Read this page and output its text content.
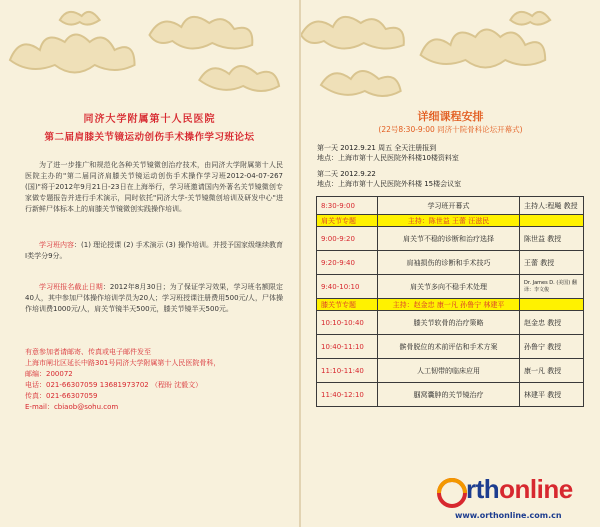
同济大学附属第十人民医院
第二届肩膝关节镜运动创伤手术操作学习班论坛
为了进一步推广和规范化各种关节镜微创治疗技术，由同济大学附属第十人民医院主办的"第二届同济肩膝关节镜运动创伤手术操作学习班2012-04-07-267 (国)"将于2012年9月21日-23日在上海举行，学习班邀请国内外著名关节镜微创专家做专题报告并进行手术演示，同时依托"同济大学-关节镜微创培训及研发中心"进行新鲜尸体标本上的肩膝关节镜微创实践操作培训。
学习班内容：(1) 理论授课 (2) 手术演示 (3) 操作培训。并授予国家级继续教育Ⅰ类学分9分。
学习班报名截止日期：2012年8月30日；为了保证学习效果，学习班名额限定40人，其中参加尸体操作培训学员为20人；学习班授课注册费用500元/人，尸体操作培训费1000元/人，肩关节镜半天500元，膝关节镜半天500元。
有意参加者请邮寄、传真或电子邮件发至
上海市闸北区延长中路301号同济大学附属第十人民医院骨科，
邮编：200072
电话：021-66307059 13681973702 （程盼 沈毅文）
传真：021-66307059
E-mail：cbiaob@sohu.com
详细课程安排
(22号8:30-9:00 同济十院骨科论坛开幕式)
第一天 2012.9.21 周五 全天注册报到
地点：上海市第十人民医院外科楼10楼资料室
第二天 2012.9.22
地点：上海市第十人民医院外科楼 15楼会议室
8:30-9:00	学习班开幕式	主持人:程飚 教授
肩关节专题	主持：陈世益 王蕾 汪滋民	
9:00-9:20	肩关节不稳的诊断和治疗选择	陈世益 教授
9:20-9:40	肩袖损伤的诊断和手术技巧	王蕾 教授
9:40-10:10	肩关节多向不稳手术处理	Dr. James D. (美国) 翻译：李文俊
膝关节专题	主持：赵金忠 康一凡 孙鲁宁 林建平	
10:10-10:40	膝关节软骨的治疗策略	赵金忠 教授
10:40-11:10	髌骨脱位的术前评估和手术方案	孙鲁宁 教授
11:10-11:40	人工韧带的临床应用	康一凡 教授
11:40-12:10	腘窝囊肿的关节镜治疗	林建平 教授
rthonline
www.orthonline.com.cn
